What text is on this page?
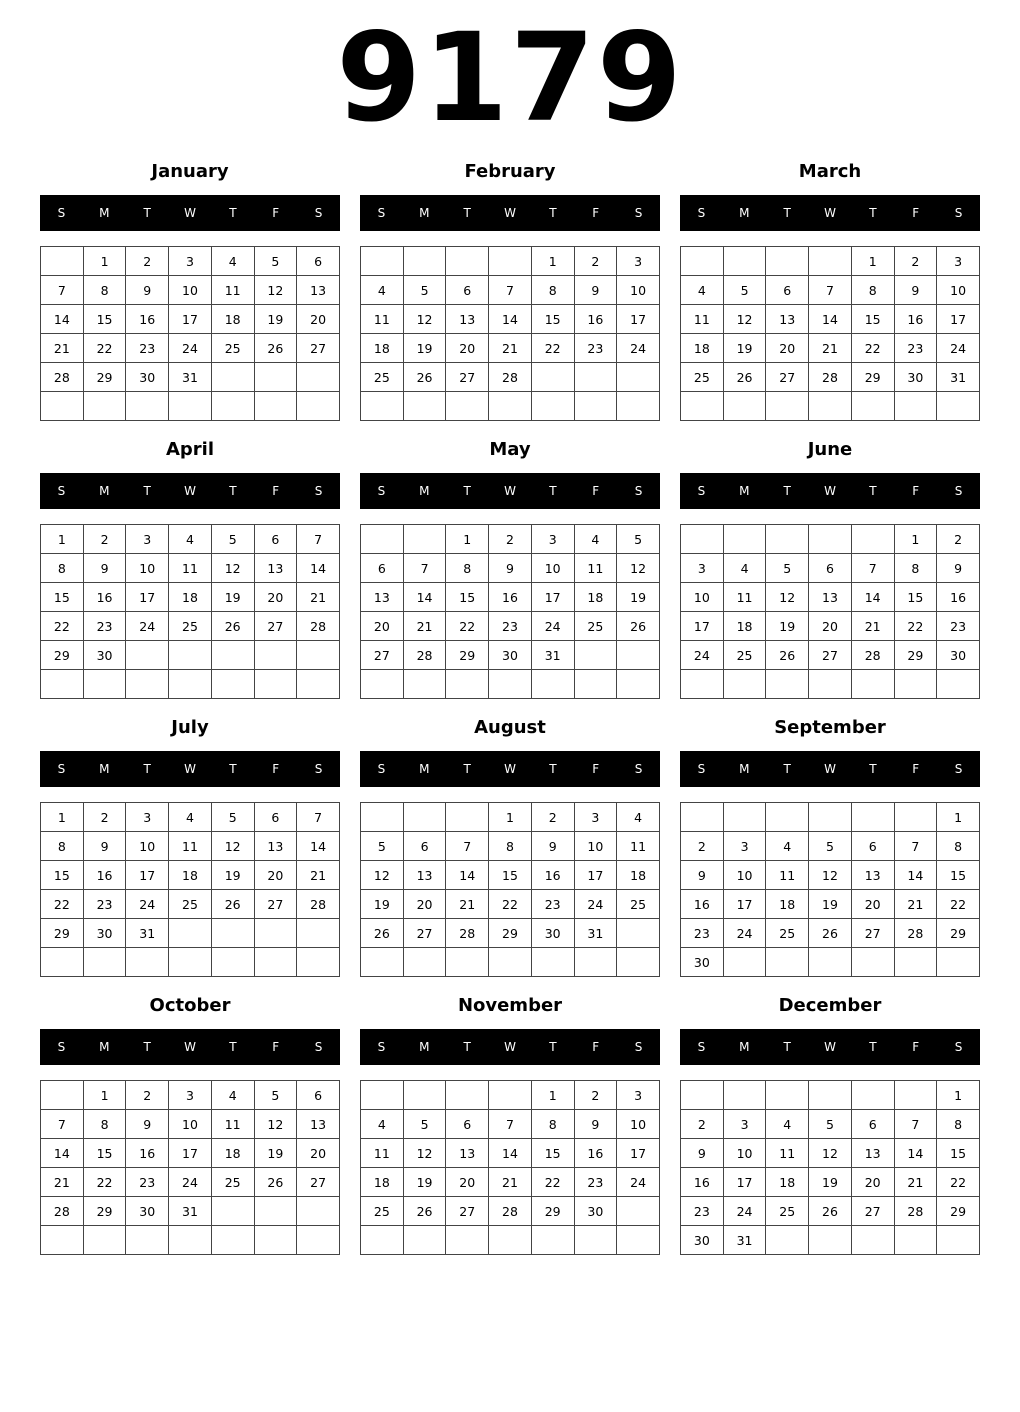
9179
January
S	M	T	W	T	F	S
	1	2	3	4	5	6
7	8	9	10	11	12	13
14	15	16	17	18	19	20
21	22	23	24	25	26	27
28	29	30	31			

February
S	M	T	W	T	F	S
				1	2	3
4	5	6	7	8	9	10
11	12	13	14	15	16	17
18	19	20	21	22	23	24
25	26	27	28			

March
S	M	T	W	T	F	S
				1	2	3
4	5	6	7	8	9	10
11	12	13	14	15	16	17
18	19	20	21	22	23	24
25	26	27	28	29	30	31

April
S	M	T	W	T	F	S
1	2	3	4	5	6	7
8	9	10	11	12	13	14
15	16	17	18	19	20	21
22	23	24	25	26	27	28
29	30					

May
S	M	T	W	T	F	S
		1	2	3	4	5
6	7	8	9	10	11	12
13	14	15	16	17	18	19
20	21	22	23	24	25	26
27	28	29	30	31		

June
S	M	T	W	T	F	S
					1	2
3	4	5	6	7	8	9
10	11	12	13	14	15	16
17	18	19	20	21	22	23
24	25	26	27	28	29	30

July
S	M	T	W	T	F	S
1	2	3	4	5	6	7
8	9	10	11	12	13	14
15	16	17	18	19	20	21
22	23	24	25	26	27	28
29	30	31				

August
S	M	T	W	T	F	S
			1	2	3	4
5	6	7	8	9	10	11
12	13	14	15	16	17	18
19	20	21	22	23	24	25
26	27	28	29	30	31	

September
S	M	T	W	T	F	S
						1
2	3	4	5	6	7	8
9	10	11	12	13	14	15
16	17	18	19	20	21	22
23	24	25	26	27	28	29
30						
October
S	M	T	W	T	F	S
	1	2	3	4	5	6
7	8	9	10	11	12	13
14	15	16	17	18	19	20
21	22	23	24	25	26	27
28	29	30	31			

November
S	M	T	W	T	F	S
				1	2	3
4	5	6	7	8	9	10
11	12	13	14	15	16	17
18	19	20	21	22	23	24
25	26	27	28	29	30	

December
S	M	T	W	T	F	S
						1
2	3	4	5	6	7	8
9	10	11	12	13	14	15
16	17	18	19	20	21	22
23	24	25	26	27	28	29
30	31					
